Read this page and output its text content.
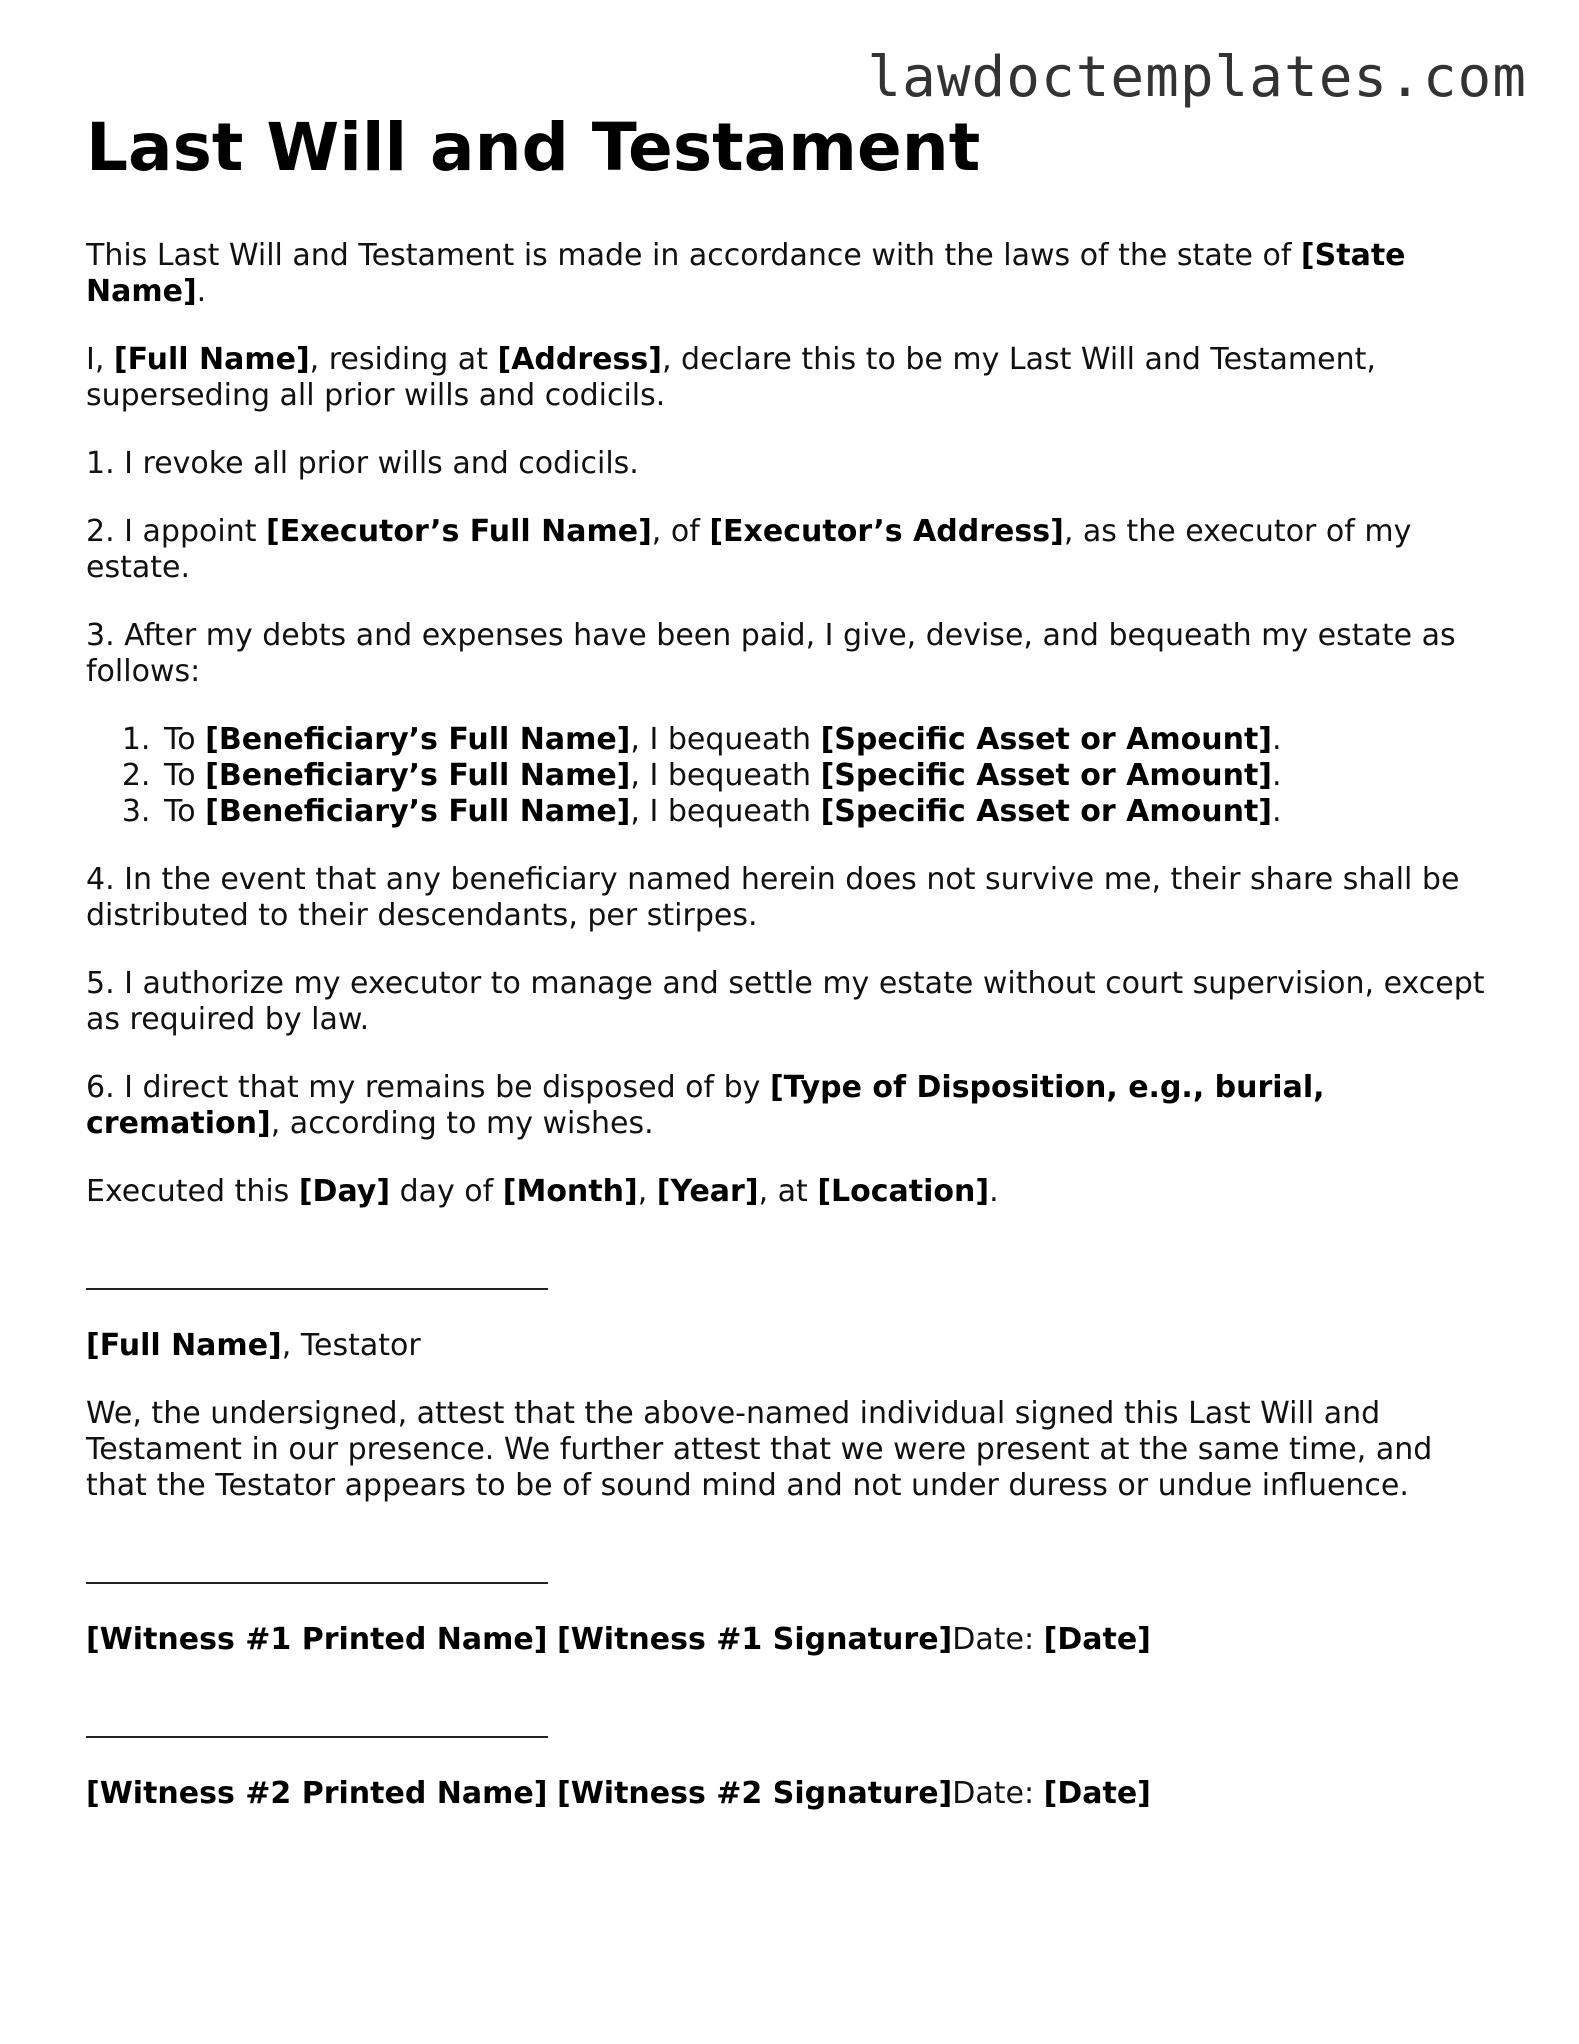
lawdoctemplates.com
Last Will and Testament

This Last Will and Testament is made in accordance with the laws of the state of [State Name].

I, [Full Name], residing at [Address], declare this to be my Last Will and Testament, superseding all prior wills and codicils.

1. I revoke all prior wills and codicils.

2. I appoint [Executor’s Full Name], of [Executor’s Address], as the executor of my estate.

3. After my debts and expenses have been paid, I give, devise, and bequeath my estate as follows:

1. To [Beneficiary’s Full Name], I bequeath [Specific Asset or Amount].
2. To [Beneficiary’s Full Name], I bequeath [Specific Asset or Amount].
3. To [Beneficiary’s Full Name], I bequeath [Specific Asset or Amount].

4. In the event that any beneficiary named herein does not survive me, their share shall be distributed to their descendants, per stirpes.

5. I authorize my executor to manage and settle my estate without court supervision, except as required by law.

6. I direct that my remains be disposed of by [Type of Disposition, e.g., burial, cremation], according to my wishes.

Executed this [Day] day of [Month], [Year], at [Location].

[Full Name], Testator

We, the undersigned, attest that the above-named individual signed this Last Will and Testament in our presence. We further attest that we were present at the same time, and that the Testator appears to be of sound mind and not under duress or undue influence.

[Witness #1 Printed Name] [Witness #1 Signature]Date: [Date]

[Witness #2 Printed Name] [Witness #2 Signature]Date: [Date]
